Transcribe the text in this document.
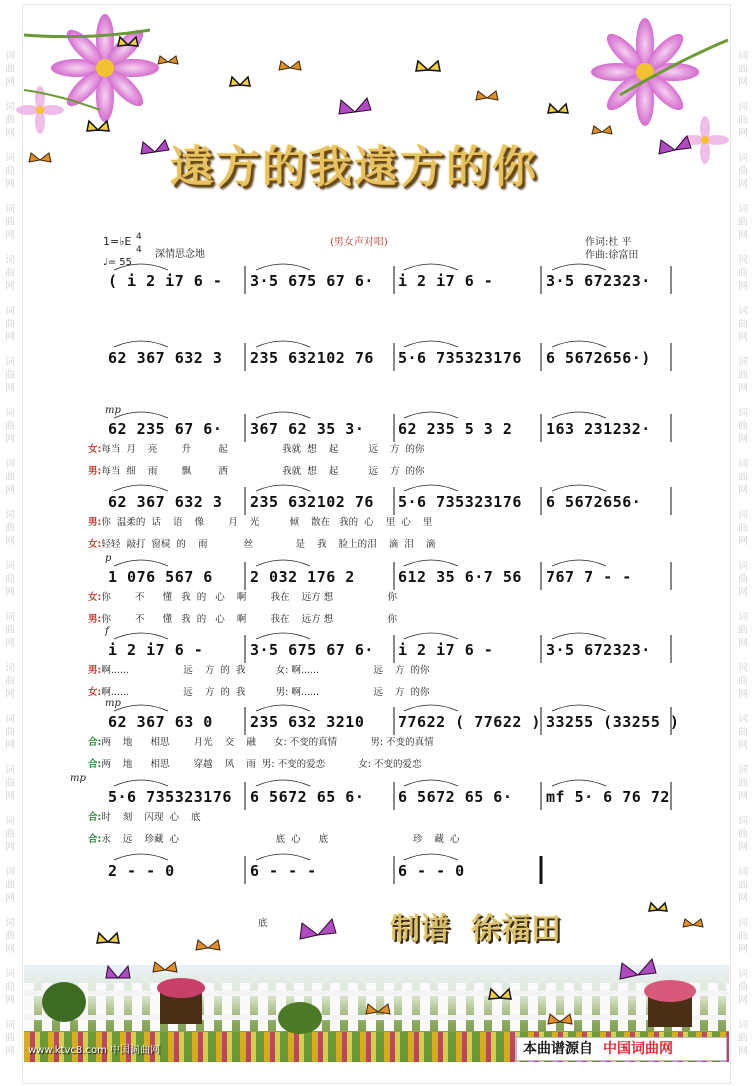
词
曲
网
词
曲
网
词
曲
网
词
曲
网
词
曲
网
词
曲
网
词
曲
网
词
曲
网
词
曲
网
词
曲
网
词
曲
网
词
曲
网
词
曲
网
词
曲
网
词
曲
网
词
曲
网
词
曲
网
词
曲
网
词
曲
网
词
曲
网
词
曲
网
词
曲
网
词
曲
网
词
曲
网
词
曲
网
词
曲
网
词
曲
网
词
曲
网
词
曲
网
词
曲
网
词
曲
网
词
曲
网
词
曲
网
词
曲
网
词
曲
网
词
曲
网
词
曲
网
词
曲
网
词
曲
网
词
曲
网
遠方的我遠方的你
1=♭E 4
4
♩= 55
深情思念地
(男女声对唱)	作词:杜 平
作曲:徐富田
( i 2 i7 6 - 3·5 675 67 6· i 2 i7 6 -	3·5 672323·
62 367 632 3 235 632102 76 5·6 735323176 6 5672656·)
mp
62 235 67 6· 367 62 35 3· 62 235 5 3 2 163 231232·
女:每当  月    亮        升         起                  我就  想    起          远    方  的你
男:每当  细    雨        飘         洒                  我就  想    起          远    方  的你
62 367 632 3 235 632102 76 5·6 735323176 6 5672656·
男:你  温柔的  话    语    像        月    光          倾    散在   我的  心    里  心    里
女:轻轻  敲打  窗棂  的    雨            丝              是    我    脸上的泪    滴  泪    滴
p
1 076 567 6 2 032 176 2	612 35 6·7 56 767 7 - -
女:你        不      懂   我  的   心    啊        我在    远方 想                  你
男:你        不      懂   我  的   心    啊        我在    远方 想                  你
f
i 2 i7 6 -	3·5 675 67 6· i 2 i7 6 -	3·5 672323·
男:啊......                  远    方  的  我          女: 啊......                  远    方  的你
女:啊......                  远    方  的  我          男: 啊......                  远    方  的你
mp
62 367 63 0 235 632 3210 77622 ( 77622 ) 33255 (33255 )
合:两    地      相思        月光    交    融      女: 不变的真情           男: 不变的真情
合:两    地      相思        穿越    风    雨  男: 不变的爱恋           女: 不变的爱恋
mp
5·6 735323176 6 5672 65 6· 6 5672 65 6· mf 5· 6 76 72
合:时    刻    闪现  心    底
合:永    远    珍藏  心                                底  心      底                            珍    藏  心
2 - - 0	6 - - -	6 - - 0
底	制谱  徐福田
www.ktvc8.com 中国词曲网	本曲谱源自 中国词曲网
